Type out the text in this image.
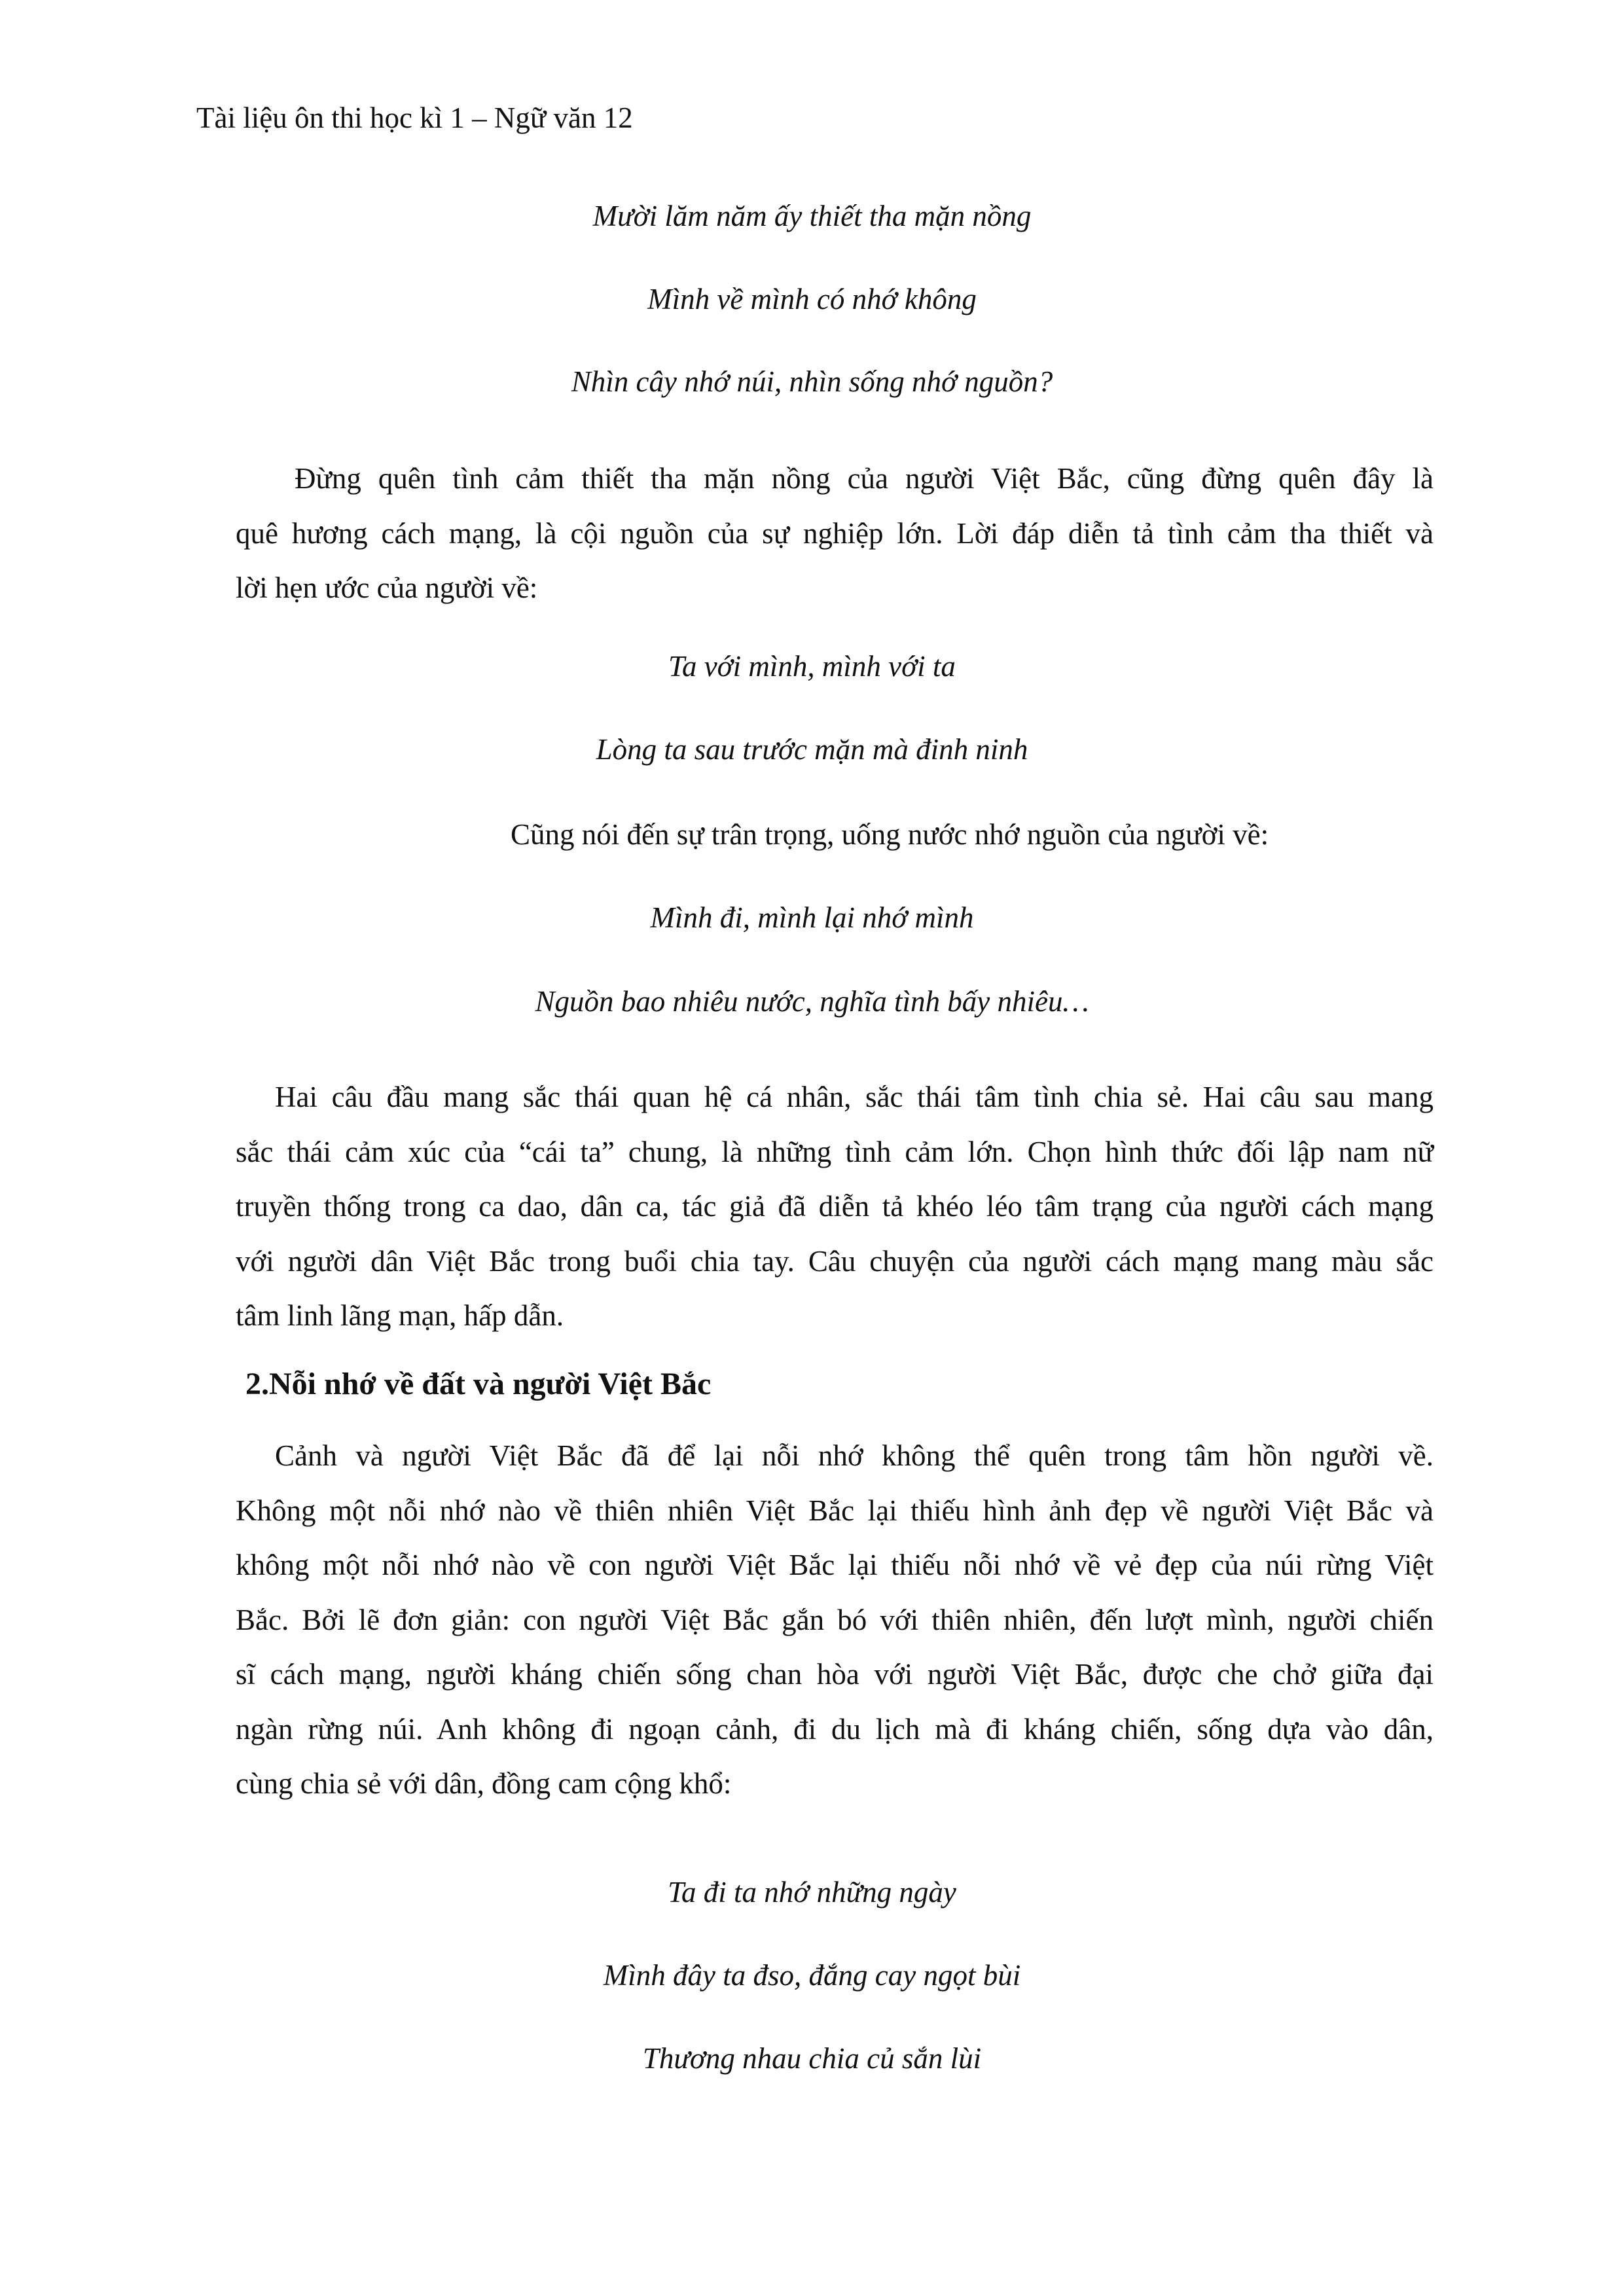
Tài liệu ôn thi học kì 1 – Ngữ văn 12
Mười lăm năm ấy thiết tha mặn nồng
Mình về mình có nhớ không
Nhìn cây nhớ núi, nhìn sống nhớ nguồn?
Đừng quên tình cảm thiết tha mặn nồng của người Việt Bắc, cũng đừng quên đây là
quê hương cách mạng, là cội nguồn của sự nghiệp lớn. Lời đáp diễn tả tình cảm tha thiết và
lời hẹn ước của người về:
Ta với mình, mình với ta
Lòng ta sau trước mặn mà đinh ninh
Cũng nói đến sự trân trọng, uống nước nhớ nguồn của người về:
Mình đi, mình lại nhớ mình
Nguồn bao nhiêu nước, nghĩa tình bấy nhiêu…
Hai câu đầu mang sắc thái quan hệ cá nhân, sắc thái tâm tình chia sẻ. Hai câu sau mang
sắc thái cảm xúc của “cái ta” chung, là những tình cảm lớn. Chọn hình thức đối lập nam nữ
truyền thống trong ca dao, dân ca, tác giả đã diễn tả khéo léo tâm trạng của người cách mạng
với người dân Việt Bắc trong buổi chia tay. Câu chuyện của người cách mạng mang màu sắc
tâm linh lãng mạn, hấp dẫn.
2.Nỗi nhớ về đất và người Việt Bắc
Cảnh và người Việt Bắc đã để lại nỗi nhớ không thể quên trong tâm hồn người về.
Không một nỗi nhớ nào về thiên nhiên Việt Bắc lại thiếu hình ảnh đẹp về người Việt Bắc và
không một nỗi nhớ nào về con người Việt Bắc lại thiếu nỗi nhớ về vẻ đẹp của núi rừng Việt
Bắc. Bởi lẽ đơn giản: con người Việt Bắc gắn bó với thiên nhiên, đến lượt mình, người chiến
sĩ cách mạng, người kháng chiến sống chan hòa với người Việt Bắc, được che chở giữa đại
ngàn rừng núi. Anh không đi ngoạn cảnh, đi du lịch mà đi kháng chiến, sống dựa vào dân,
cùng chia sẻ với dân, đồng cam cộng khổ:
Ta đi ta nhớ những ngày
Mình đây ta đso, đắng cay ngọt bùi
Thương nhau chia củ sắn lùi
